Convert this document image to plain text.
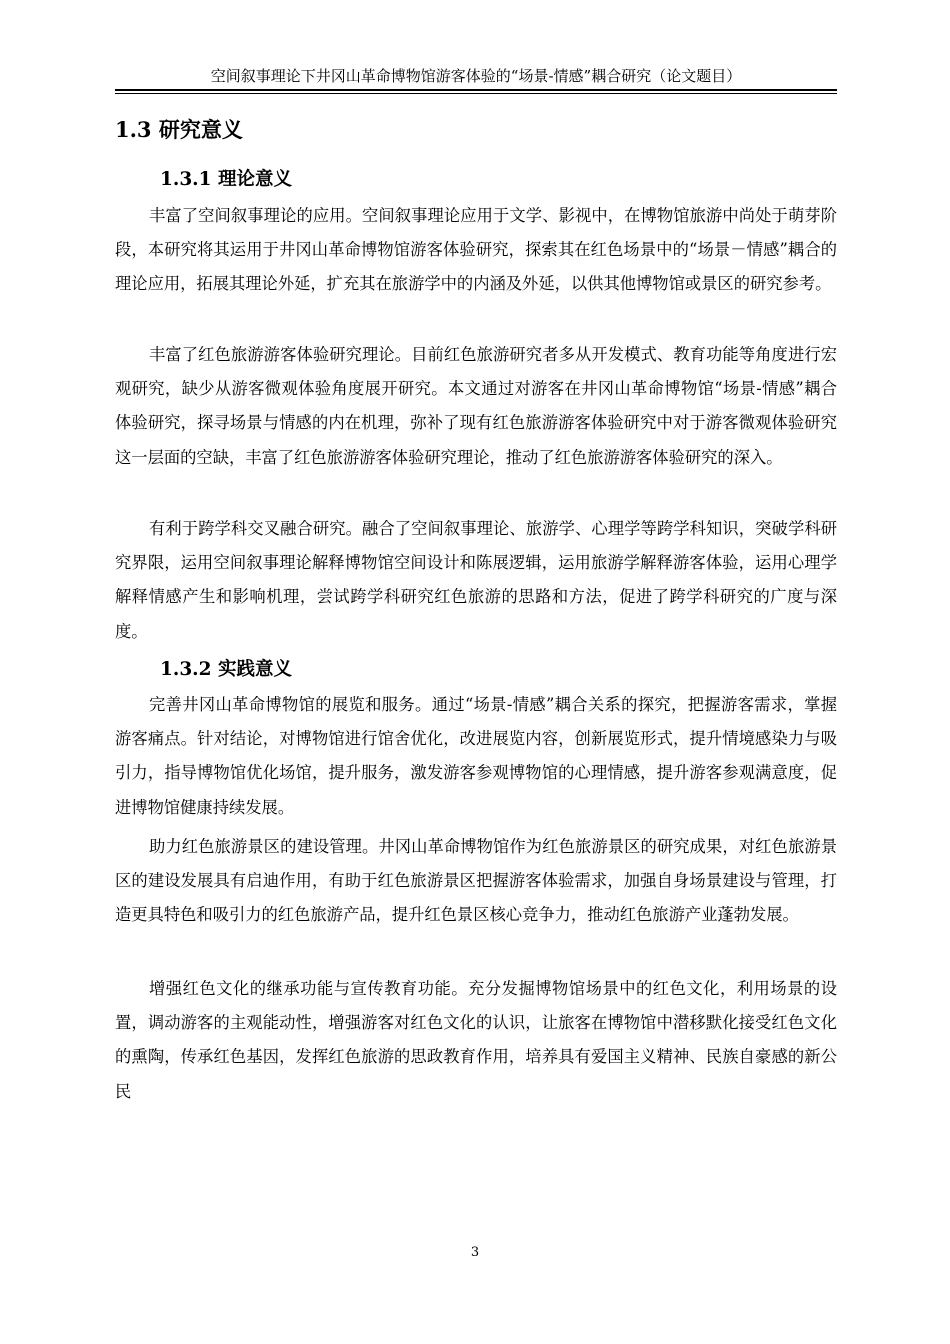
空间叙事理论下井冈山革命博物馆游客体验的“场景-情感”耦合研究（论文题目）
1.3 研究意义
1.3.1 理论意义

丰富了空间叙事理论的应用。空间叙事理论应用于文学、影视中，在博物馆旅游中尚处于萌芽阶段，本研究将其运用于井冈山革命博物馆游客体验研究，探索其在红色场景中的“场景－情感”耦合的理论应用，拓展其理论外延，扩充其在旅游学中的内涵及外延，以供其他博物馆或景区的研究参考。

丰富了红色旅游游客体验研究理论。目前红色旅游研究者多从开发模式、教育功能等角度进行宏观研究，缺少从游客微观体验角度展开研究。本文通过对游客在井冈山革命博物馆“场景-情感”耦合体验研究，探寻场景与情感的内在机理，弥补了现有红色旅游游客体验研究中对于游客微观体验研究这一层面的空缺，丰富了红色旅游游客体验研究理论，推动了红色旅游游客体验研究的深入。

有利于跨学科交叉融合研究。融合了空间叙事理论、旅游学、心理学等跨学科知识，突破学科研究界限，运用空间叙事理论解释博物馆空间设计和陈展逻辑，运用旅游学解释游客体验，运用心理学解释情感产生和影响机理，尝试跨学科研究红色旅游的思路和方法，促进了跨学科研究的广度与深度。

1.3.2 实践意义

完善井冈山革命博物馆的展览和服务。通过“场景-情感”耦合关系的探究，把握游客需求，掌握游客痛点。针对结论，对博物馆进行馆舍优化，改进展览内容，创新展览形式，提升情境感染力与吸引力，指导博物馆优化场馆，提升服务，激发游客参观博物馆的心理情感，提升游客参观满意度，促进博物馆健康持续发展。

助力红色旅游景区的建设管理。井冈山革命博物馆作为红色旅游景区的研究成果，对红色旅游景区的建设发展具有启迪作用，有助于红色旅游景区把握游客体验需求，加强自身场景建设与管理，打造更具特色和吸引力的红色旅游产品，提升红色景区核心竞争力，推动红色旅游产业蓬勃发展。

增强红色文化的继承功能与宣传教育功能。充分发掘博物馆场景中的红色文化，利用场景的设置，调动游客的主观能动性，增强游客对红色文化的认识，让旅客在博物馆中潜移默化接受红色文化的熏陶，传承红色基因，发挥红色旅游的思政教育作用，培养具有爱国主义精神、民族自豪感的新公民

3
